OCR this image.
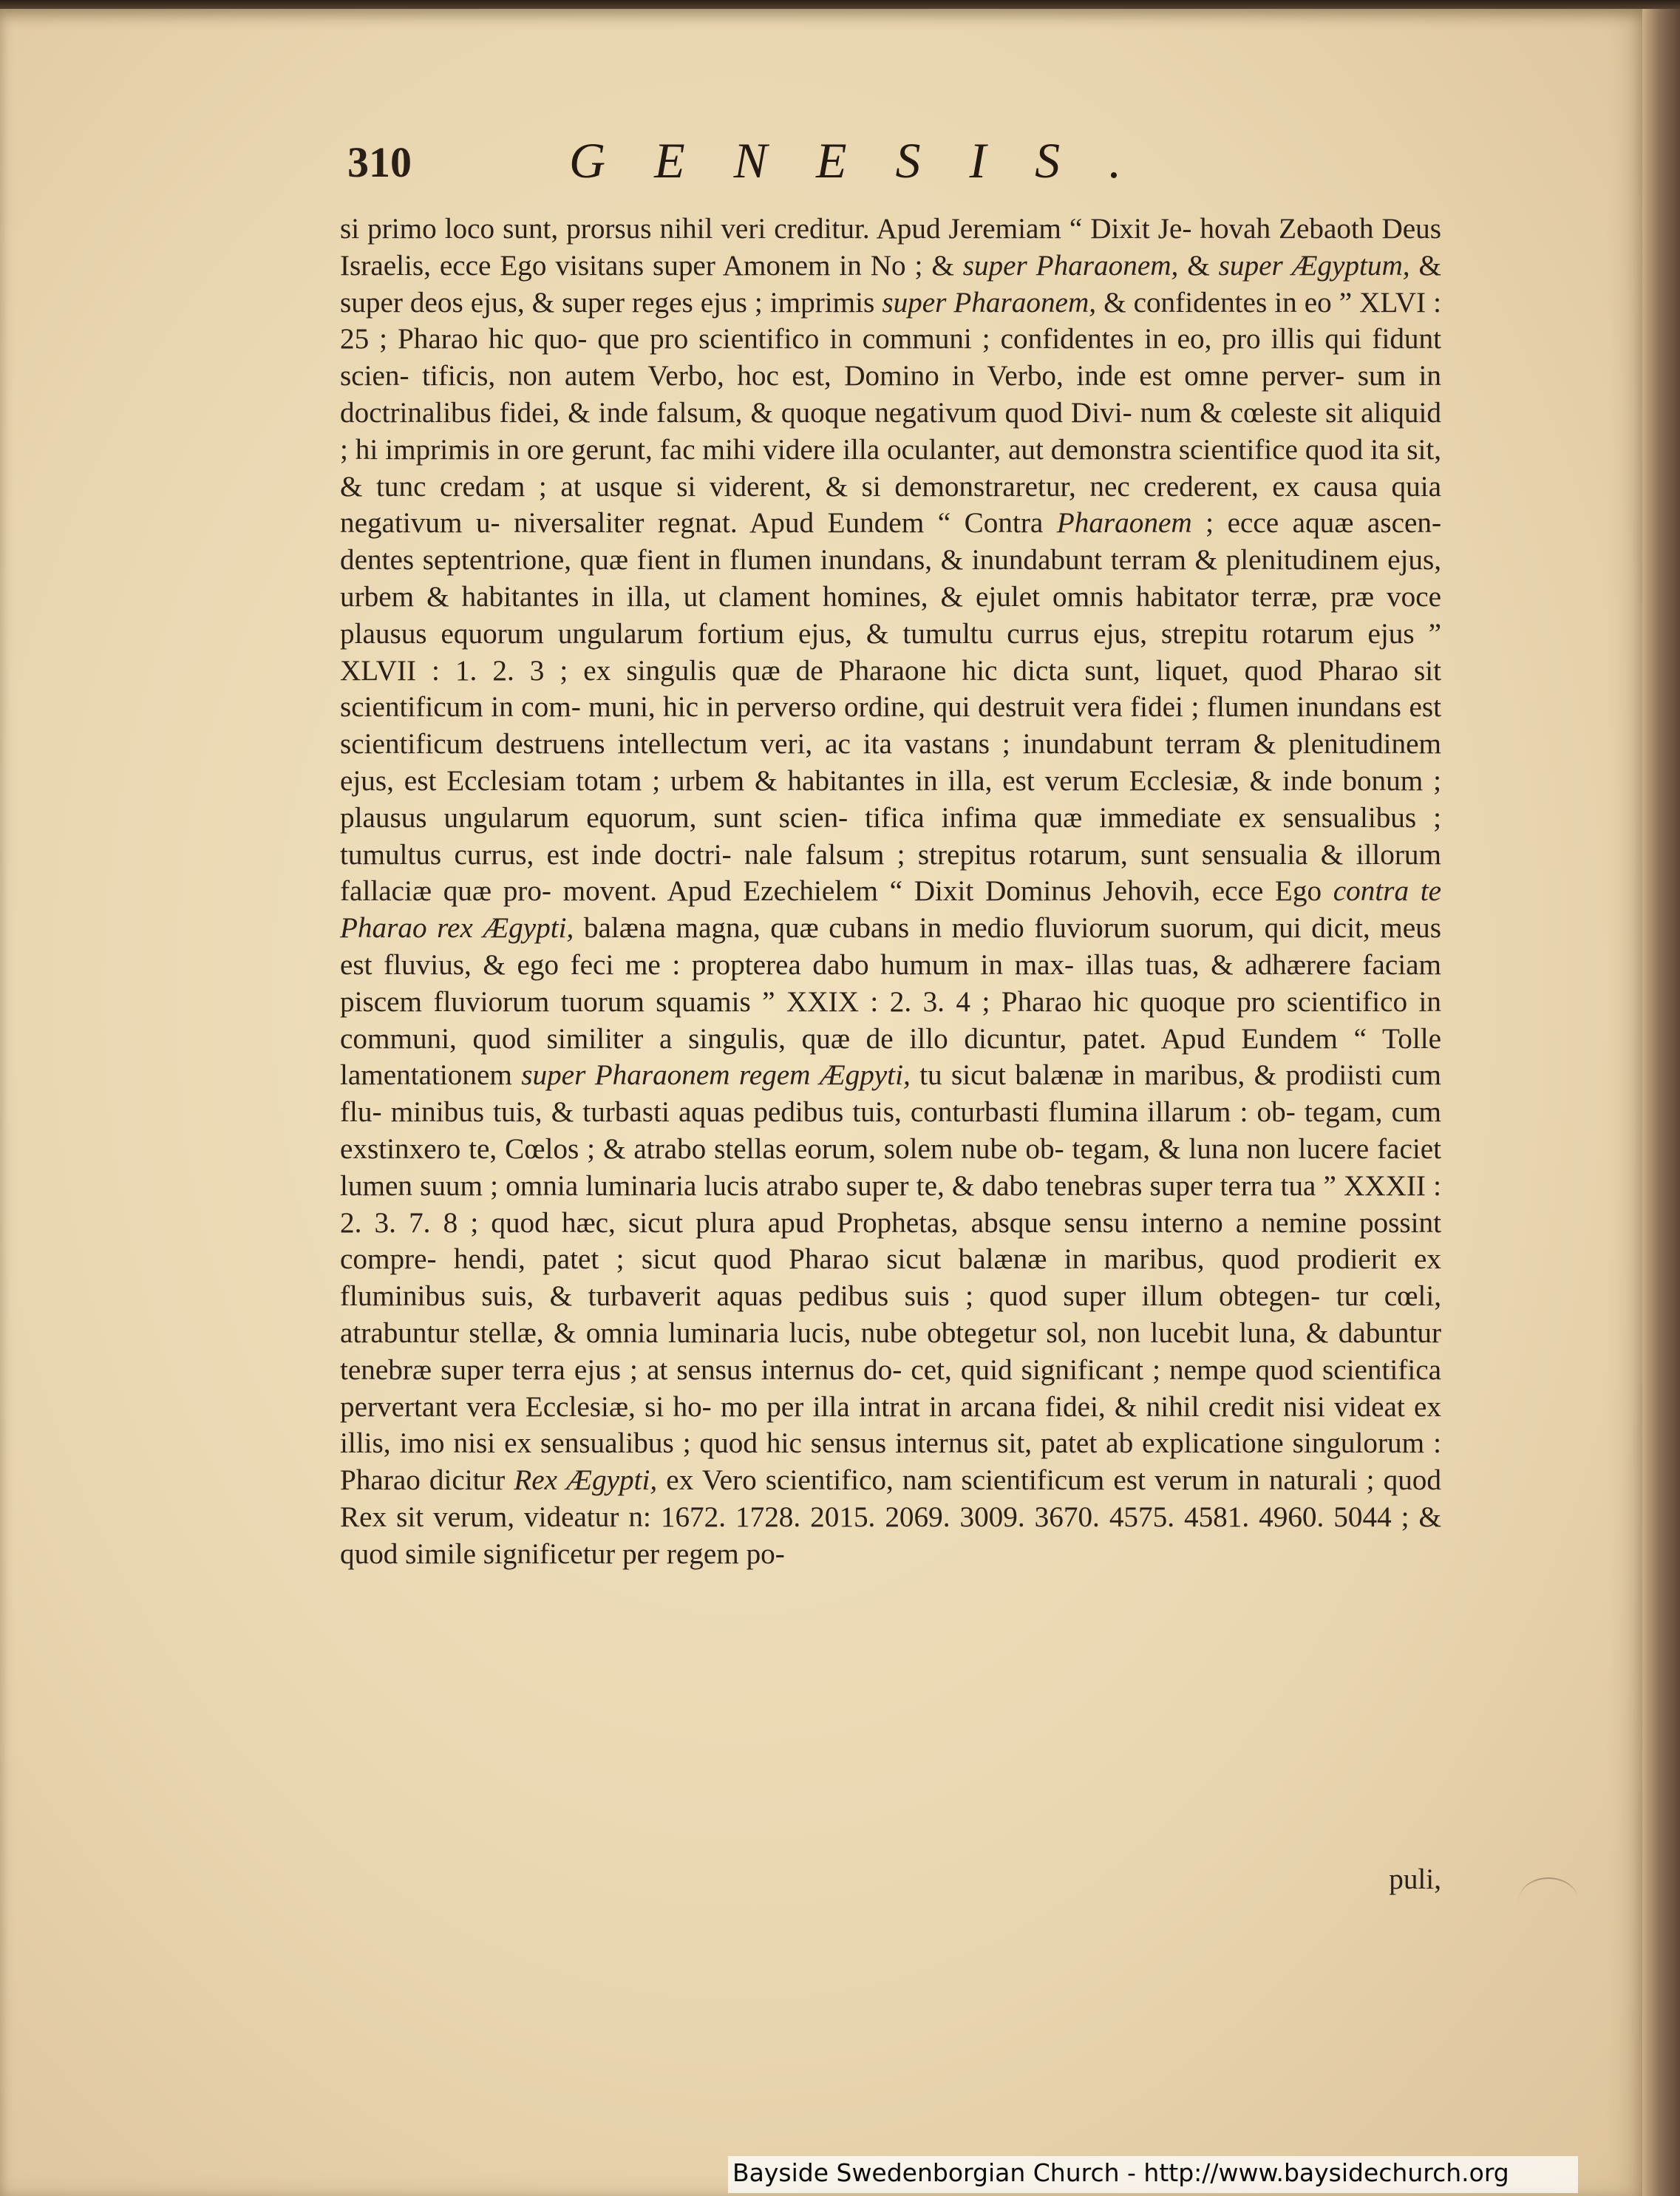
310	GENESIS.

si primo loco sunt, prorsus nihil veri creditur. Apud Jeremiam “ Dixit Je- hovah Zebaoth Deus Israelis, ecce Ego visitans super Amonem in No ; & super Pharaonem, & super Ægyptum, & super deos ejus, & super reges ejus ; imprimis super Pharaonem, & confidentes in eo ” XLVI : 25 ; Pharao hic quo- que pro scientifico in communi ; confidentes in eo, pro illis qui fidunt scien- tificis, non autem Verbo, hoc est, Domino in Verbo, inde est omne perver- sum in doctrinalibus fidei, & inde falsum, & quoque negativum quod Divi- num & cœleste sit aliquid ; hi imprimis in ore gerunt, fac mihi videre illa oculanter, aut demonstra scientifice quod ita sit, & tunc credam ; at usque si viderent, & si demonstraretur, nec crederent, ex causa quia negativum u- niversaliter regnat. Apud Eundem “ Contra Pharaonem ; ecce aquæ ascen- dentes septentrione, quæ fient in flumen inundans, & inundabunt terram & plenitudinem ejus, urbem & habitantes in illa, ut clament homines, & ejulet omnis habitator terræ, præ voce plausus equorum ungularum fortium ejus, & tumultu currus ejus, strepitu rotarum ejus ” XLVII : 1. 2. 3 ; ex singulis quæ de Pharaone hic dicta sunt, liquet, quod Pharao sit scientificum in com- muni, hic in perverso ordine, qui destruit vera fidei ; flumen inundans est scientificum destruens intellectum veri, ac ita vastans ; inundabunt terram & plenitudinem ejus, est Ecclesiam totam ; urbem & habitantes in illa, est verum Ecclesiæ, & inde bonum ; plausus ungularum equorum, sunt scien- tifica infima quæ immediate ex sensualibus ; tumultus currus, est inde doctri- nale falsum ; strepitus rotarum, sunt sensualia & illorum fallaciæ quæ pro- movent. Apud Ezechielem “ Dixit Dominus Jehovih, ecce Ego contra te Pharao rex Ægypti, balæna magna, quæ cubans in medio fluviorum suorum, qui dicit, meus est fluvius, & ego feci me : propterea dabo humum in max- illas tuas, & adhærere faciam piscem fluviorum tuorum squamis ” XXIX : 2. 3. 4 ; Pharao hic quoque pro scientifico in communi, quod similiter a singulis, quæ de illo dicuntur, patet. Apud Eundem “ Tolle lamentationem super Pharaonem regem Ægpyti, tu sicut balænæ in maribus, & prodiisti cum flu- minibus tuis, & turbasti aquas pedibus tuis, conturbasti flumina illarum : ob- tegam, cum exstinxero te, Cœlos ; & atrabo stellas eorum, solem nube ob- tegam, & luna non lucere faciet lumen suum ; omnia luminaria lucis atrabo super te, & dabo tenebras super terra tua ” XXXII : 2. 3. 7. 8 ; quod hæc, sicut plura apud Prophetas, absque sensu interno a nemine possint compre- hendi, patet ; sicut quod Pharao sicut balænæ in maribus, quod prodierit ex fluminibus suis, & turbaverit aquas pedibus suis ; quod super illum obtegen- tur cœli, atrabuntur stellæ, & omnia luminaria lucis, nube obtegetur sol, non lucebit luna, & dabuntur tenebræ super terra ejus ; at sensus internus do- cet, quid significant ; nempe quod scientifica pervertant vera Ecclesiæ, si ho- mo per illa intrat in arcana fidei, & nihil credit nisi videat ex illis, imo nisi ex sensualibus ; quod hic sensus internus sit, patet ab explicatione singulorum : Pharao dicitur Rex Ægypti, ex Vero scientifico, nam scientificum est verum in naturali ; quod Rex sit verum, videatur n: 1672. 1728. 2015. 2069. 3009. 3670. 4575. 4581. 4960. 5044 ; & quod simile significetur per regem po-

puli,

Bayside Swedenborgian Church - http://www.baysidechurch.org
